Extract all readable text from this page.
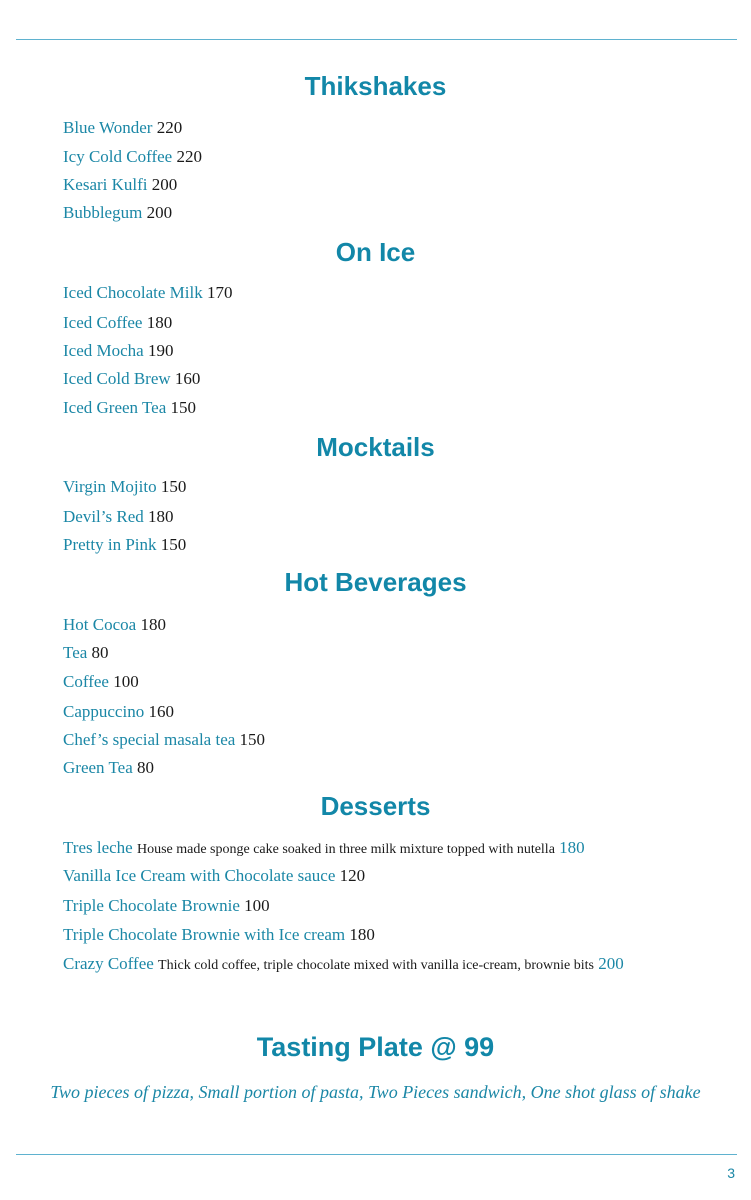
Thikshakes
Blue Wonder 220
Icy Cold Coffee 220
Kesari Kulfi 200
Bubblegum 200
On Ice
Iced Chocolate Milk 170
Iced Coffee 180
Iced Mocha 190
Iced Cold Brew 160
Iced Green Tea 150
Mocktails
Virgin Mojito 150
Devil’s Red 180
Pretty in Pink 150
Hot Beverages
Hot Cocoa 180
Tea 80
Coffee 100
Cappuccino 160
Chef’s special masala tea 150
Green Tea 80
Desserts
Tres leche House made sponge cake soaked in three milk mixture topped with nutella 180
Vanilla Ice Cream with Chocolate sauce 120
Triple Chocolate Brownie 100
Triple Chocolate Brownie with Ice cream 180
Crazy Coffee Thick cold coffee, triple chocolate mixed with vanilla ice-cream, brownie bits 200
Tasting Plate @ 99

Two pieces of pizza, Small portion of pasta, Two Pieces sandwich, One shot glass of shake

3
